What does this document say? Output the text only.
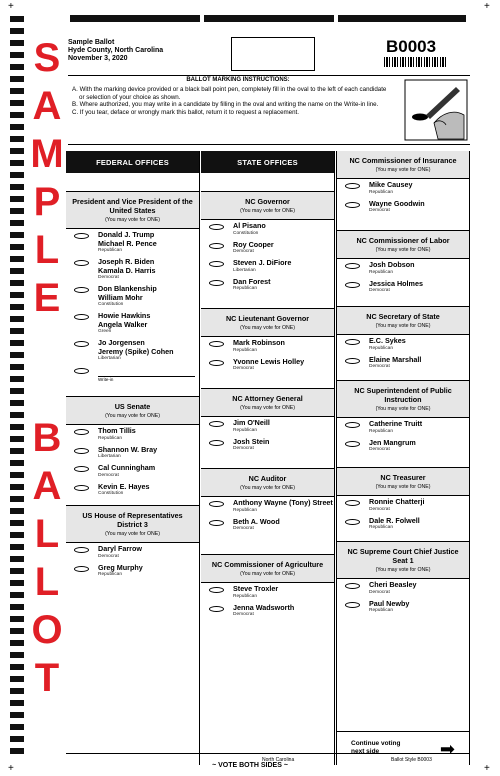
S
A
M
P
L
E
B
A
L
L
O
T
Sample Ballot
Hyde County, North Carolina
November 3, 2020
B0003
BALLOT MARKING INSTRUCTIONS:
A. With the marking device provided or a black ball point pen, completely fill in the oval to the left of each candidate or selection of your choice as shown.
B. Where authorized, you may write in a candidate by filling in the oval and writing the name on the Write-in line.
C. If you tear, deface or wrongly mark this ballot, return it to request a replacement.
FEDERAL OFFICES
President and Vice President of the United States
(You may vote for ONE)
Donald J. Trump
Michael R. Pence
Republican
Joseph R. Biden
Kamala D. Harris
Democrat
Don Blankenship
William Mohr
Constitution
Howie Hawkins
Angela Walker
Green
Jo Jorgensen
Jeremy (Spike) Cohen
Libertarian
Write-in
US Senate
(You may vote for ONE)
Thom Tillis
Republican
Shannon W. Bray
Libertarian
Cal Cunningham
Democrat
Kevin E. Hayes
Constitution
US House of Representatives District 3
(You may vote for ONE)
Daryl Farrow
Democrat
Greg Murphy
Republican
STATE OFFICES
NC Governor
(You may vote for ONE)
Al Pisano
Constitution
Roy Cooper
Democrat
Steven J. DiFiore
Libertarian
Dan Forest
Republican
NC Lieutenant Governor
(You may vote for ONE)
Mark Robinson
Republican
Yvonne Lewis Holley
Democrat
NC Attorney General
(You may vote for ONE)
Jim O'Neill
Republican
Josh Stein
Democrat
NC Auditor
(You may vote for ONE)
Anthony Wayne (Tony) Street
Republican
Beth A. Wood
Democrat
NC Commissioner of Agriculture
(You may vote for ONE)
Steve Troxler
Republican
Jenna Wadsworth
Democrat
NC Commissioner of Insurance
(You may vote for ONE)
Mike Causey
Republican
Wayne Goodwin
Democrat
NC Commissioner of Labor
(You may vote for ONE)
Josh Dobson
Republican
Jessica Holmes
Democrat
NC Secretary of State
(You may vote for ONE)
E.C. Sykes
Republican
Elaine Marshall
Democrat
NC Superintendent of Public Instruction
(You may vote for ONE)
Catherine Truitt
Republican
Jen Mangrum
Democrat
NC Treasurer
(You may vote for ONE)
Ronnie Chatterji
Democrat
Dale R. Folwell
Republican
NC Supreme Court Chief Justice Seat 1
(You may vote for ONE)
Cheri Beasley
Democrat
Paul Newby
Republican
Continue voting next side	➡
North Carolina	Ballot Style B0003
~ VOTE BOTH SIDES ~
+	+
+	+
